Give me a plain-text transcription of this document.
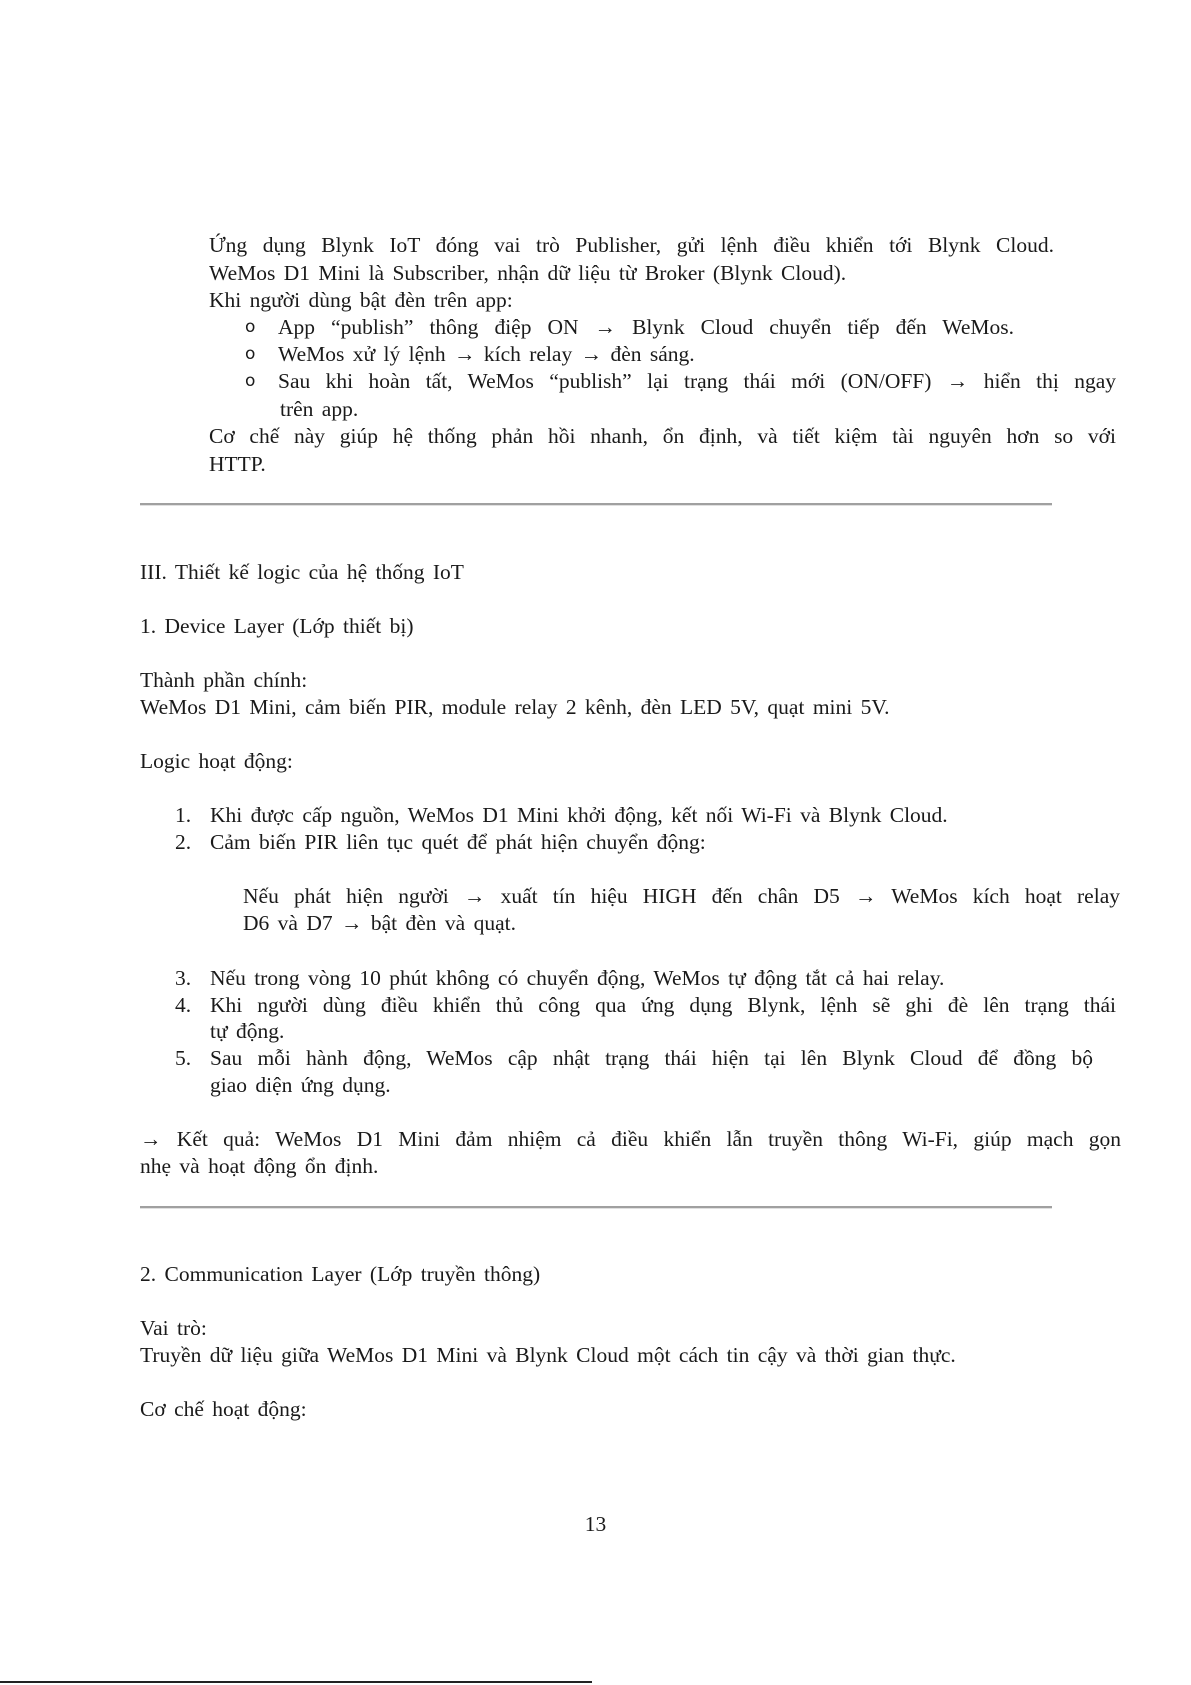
Ứng dụng Blynk IoT đóng vai trò Publisher, gửi lệnh điều khiển tới Blynk Cloud.
WeMos D1 Mini là Subscriber, nhận dữ liệu từ Broker (Blynk Cloud).
Khi người dùng bật đèn trên app:
o App “publish” thông điệp ON → Blynk Cloud chuyển tiếp đến WeMos.
o WeMos xử lý lệnh → kích relay → đèn sáng.
o Sau khi hoàn tất, WeMos “publish” lại trạng thái mới (ON/OFF) → hiển thị ngay
trên app.
Cơ chế này giúp hệ thống phản hồi nhanh, ổn định, và tiết kiệm tài nguyên hơn so với
HTTP.
III. Thiết kế logic của hệ thống IoT
1. Device Layer (Lớp thiết bị)
Thành phần chính:
WeMos D1 Mini, cảm biến PIR, module relay 2 kênh, đèn LED 5V, quạt mini 5V.
Logic hoạt động:
1. Khi được cấp nguồn, WeMos D1 Mini khởi động, kết nối Wi-Fi và Blynk Cloud.
2. Cảm biến PIR liên tục quét để phát hiện chuyển động:
Nếu phát hiện người → xuất tín hiệu HIGH đến chân D5 → WeMos kích hoạt relay
D6 và D7 → bật đèn và quạt.
3. Nếu trong vòng 10 phút không có chuyển động, WeMos tự động tắt cả hai relay.
4. Khi người dùng điều khiển thủ công qua ứng dụng Blynk, lệnh sẽ ghi đè lên trạng thái
tự động.
5. Sau mỗi hành động, WeMos cập nhật trạng thái hiện tại lên Blynk Cloud để đồng bộ
giao diện ứng dụng.
→ Kết quả: WeMos D1 Mini đảm nhiệm cả điều khiển lẫn truyền thông Wi-Fi, giúp mạch gọn
nhẹ và hoạt động ổn định.
2. Communication Layer (Lớp truyền thông)
Vai trò:
Truyền dữ liệu giữa WeMos D1 Mini và Blynk Cloud một cách tin cậy và thời gian thực.
Cơ chế hoạt động:
13
